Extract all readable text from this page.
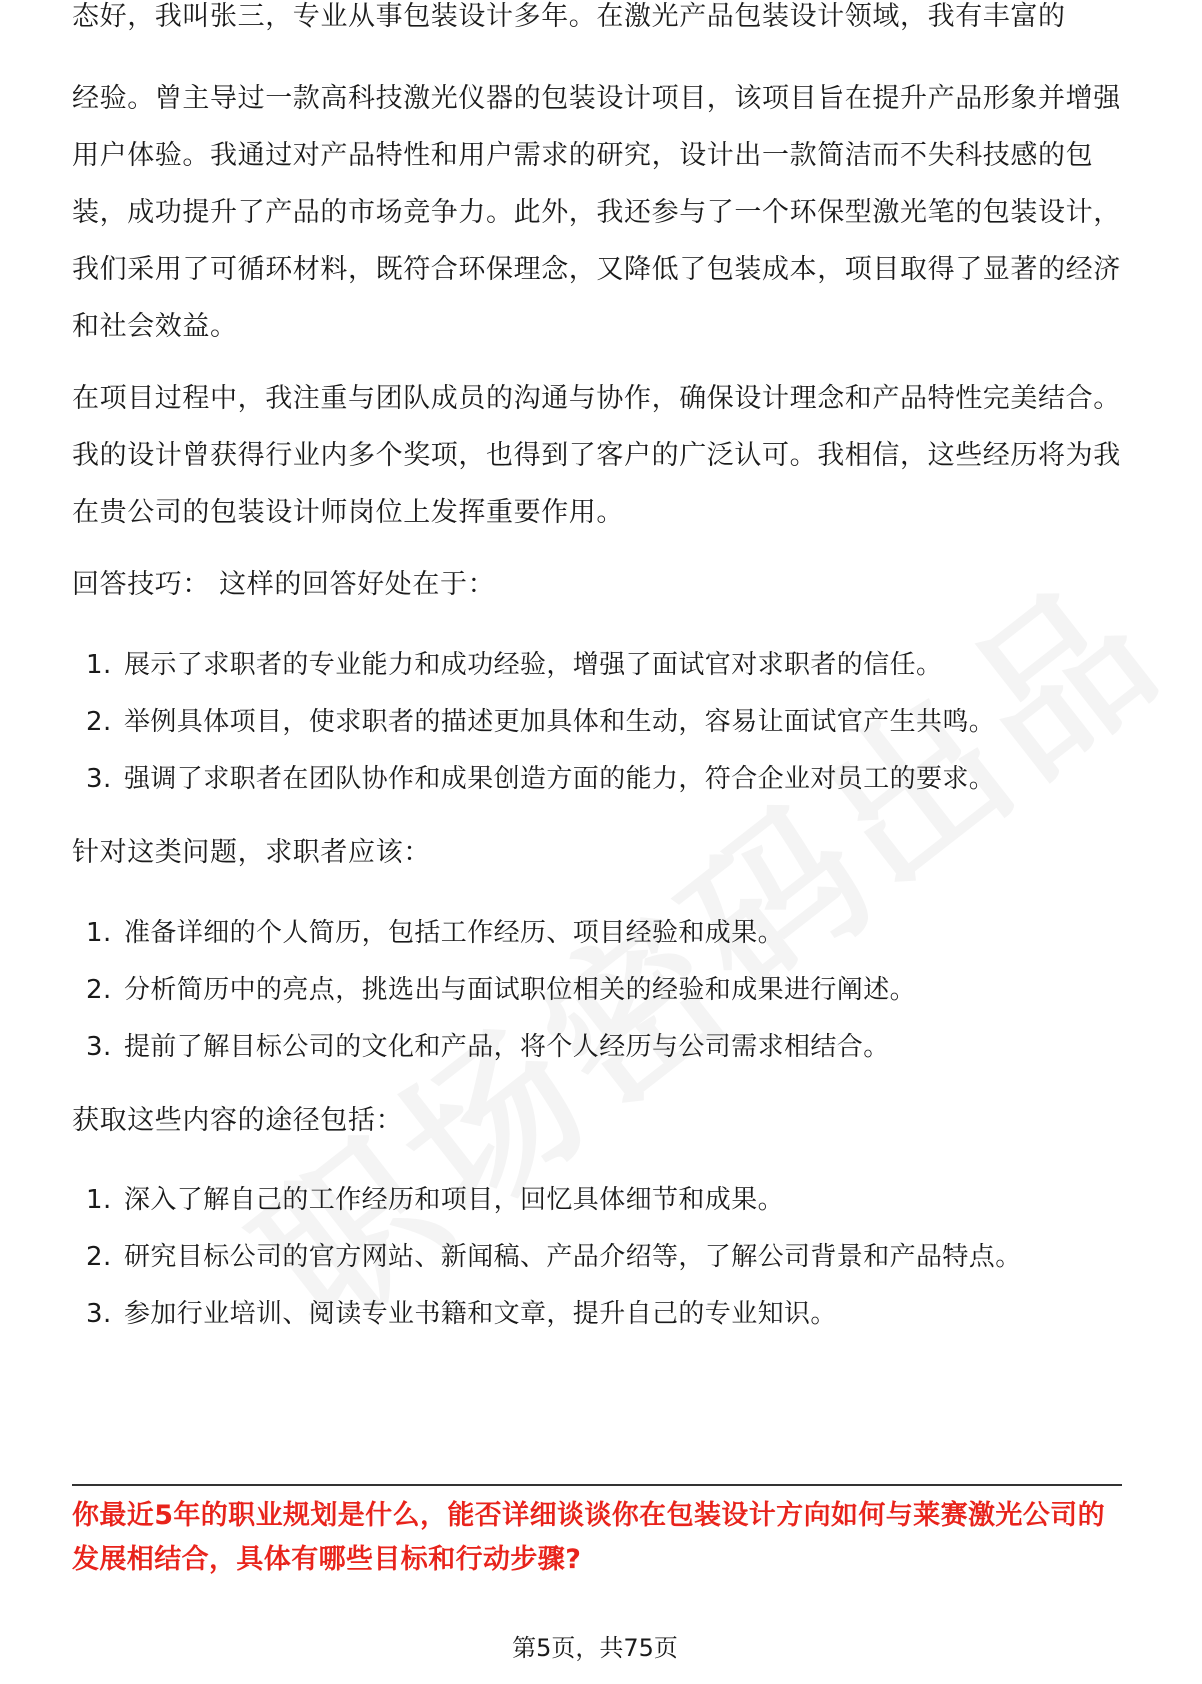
态好，我叫张三，专业从事包装设计多年。在激光产品包装设计领域，我有丰富的

经验。曾主导过一款高科技激光仪器的包装设计项目，该项目旨在提升产品形象并增强用户体验。我通过对产品特性和用户需求的研究，设计出一款简洁而不失科技感的包装，成功提升了产品的市场竞争力。此外，我还参与了一个环保型激光笔的包装设计，我们采用了可循环材料，既符合环保理念，又降低了包装成本，项目取得了显著的经济和社会效益。

在项目过程中，我注重与团队成员的沟通与协作，确保设计理念和产品特性完美结合。我的设计曾获得行业内多个奖项，也得到了客户的广泛认可。我相信，这些经历将为我在贵公司的包装设计师岗位上发挥重要作用。

回答技巧： 这样的回答好处在于：

1. 展示了求职者的专业能力和成功经验，增强了面试官对求职者的信任。
2. 举例具体项目，使求职者的描述更加具体和生动，容易让面试官产生共鸣。
3. 强调了求职者在团队协作和成果创造方面的能力，符合企业对员工的要求。

针对这类问题，求职者应该：

1. 准备详细的个人简历，包括工作经历、项目经验和成果。
2. 分析简历中的亮点，挑选出与面试职位相关的经验和成果进行阐述。
3. 提前了解目标公司的文化和产品，将个人经历与公司需求相结合。

获取这些内容的途径包括：

1. 深入了解自己的工作经历和项目，回忆具体细节和成果。
2. 研究目标公司的官方网站、新闻稿、产品介绍等，了解公司背景和产品特点。
3. 参加行业培训、阅读专业书籍和文章，提升自己的专业知识。

你最近5年的职业规划是什么，能否详细谈谈你在包装设计方向如何与莱赛激光公司的发展相结合，具体有哪些目标和行动步骤?

第5页，共75页
